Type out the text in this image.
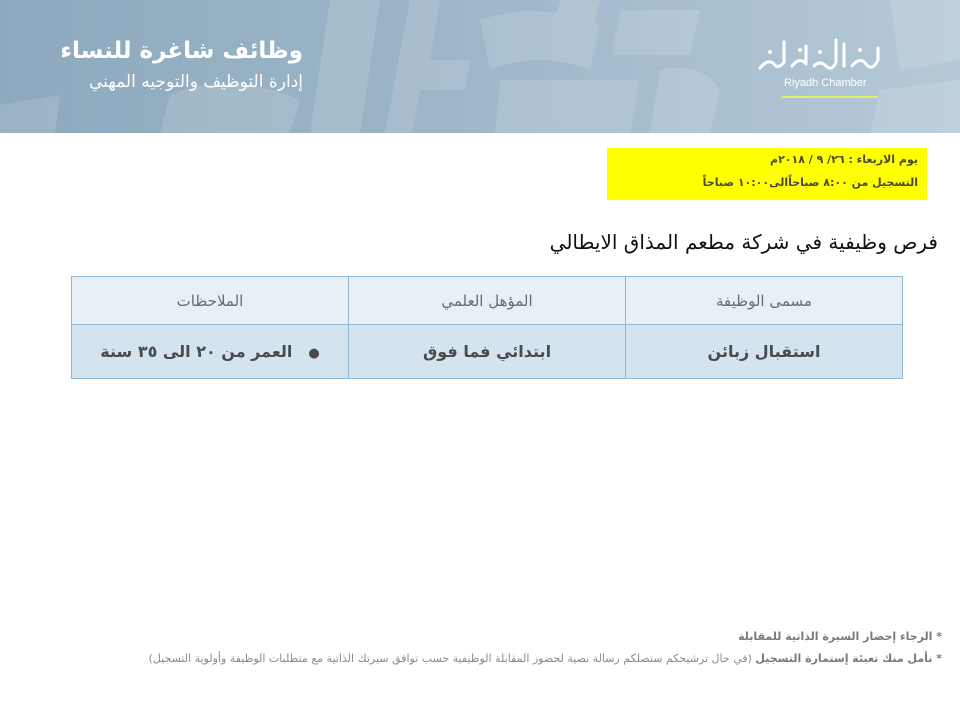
وظائف شاغرة للنساء
إدارة التوظيف والتوجيه المهني	Riyadh Chamber
يوم الاربعاء : ٢٦/ ٩ / ٢٠١٨م
التسجيل من ٨:٠٠ صباحاًالى١٠:٠٠ صباحاً
فرص وظيفية في شركة مطعم المذاق الايطالي
مسمى الوظيفة	المؤهل العلمي	الملاحظات
استقبال زبائن	ابتدائي فما فوق	●العمر من ٢٠ الى ٣٥ سنة
* الرجاء إحضار السيرة الذاتية للمقابلة
* نأمل منك تعبئة إستمارة التسجيل (في حال ترشيحكم ستصلكم رسالة نصية لحضور المقابلة الوظيفية حسب توافق سيرتك الذاتية مع متطلبات الوظيفة وأولوية التسجيل)
